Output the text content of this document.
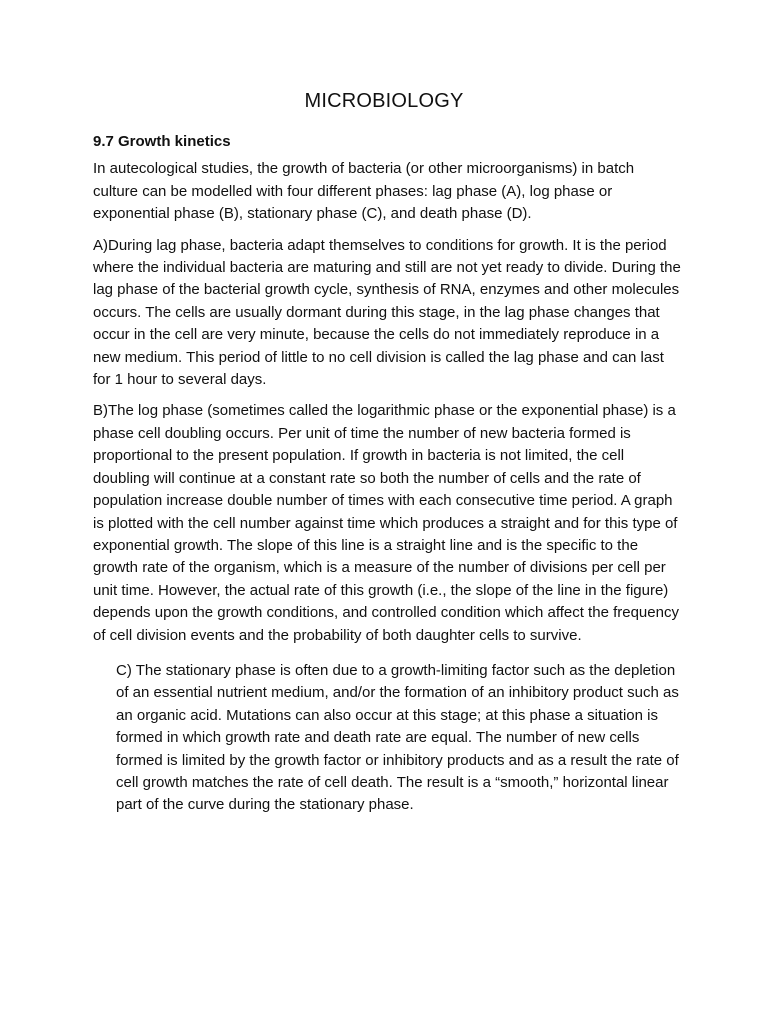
MICROBIOLOGY
9.7 Growth kinetics

In autecological studies, the growth of bacteria (or other microorganisms) in batch culture can be modelled with four different phases: lag phase (A), log phase or exponential phase (B), stationary phase (C), and death phase (D).

A)During lag phase, bacteria adapt themselves to conditions for growth. It is the period where the individual bacteria are maturing and still are not yet ready to divide. During the lag phase of the bacterial growth cycle, synthesis of RNA, enzymes and other molecules occurs. The cells are usually dormant during this stage, in the lag phase changes that occur in the cell are very minute, because the cells do not immediately reproduce in a new medium. This period of little to no cell division is called the lag phase and can last for 1 hour to several days.

B)The log phase (sometimes called the logarithmic phase or the exponential phase) is a phase cell doubling occurs. Per unit of time the number of new bacteria formed is proportional to the present population. If growth in bacteria is not limited, the cell doubling will continue at a constant rate so both the number of cells and the rate of population increase double number of times with each consecutive time period. A graph is plotted with the cell number against time which produces a straight and for this type of exponential growth. The slope of this line is a straight line and is the specific to the growth rate of the organism, which is a measure of the number of divisions per cell per unit time. However, the actual rate of this growth (i.e., the slope of the line in the figure) depends upon the growth conditions, and controlled condition which affect the frequency of cell division events and the probability of both daughter cells to survive.

C) The stationary phase is often due to a growth-limiting factor such as the depletion of an essential nutrient medium, and/or the formation of an inhibitory product such as an organic acid. Mutations can also occur at this stage; at this phase a situation is formed in which growth rate and death rate are equal. The number of new cells formed is limited by the growth factor or inhibitory products and as a result the rate of cell growth matches the rate of cell death. The result is a “smooth,” horizontal linear part of the curve during the stationary phase.
